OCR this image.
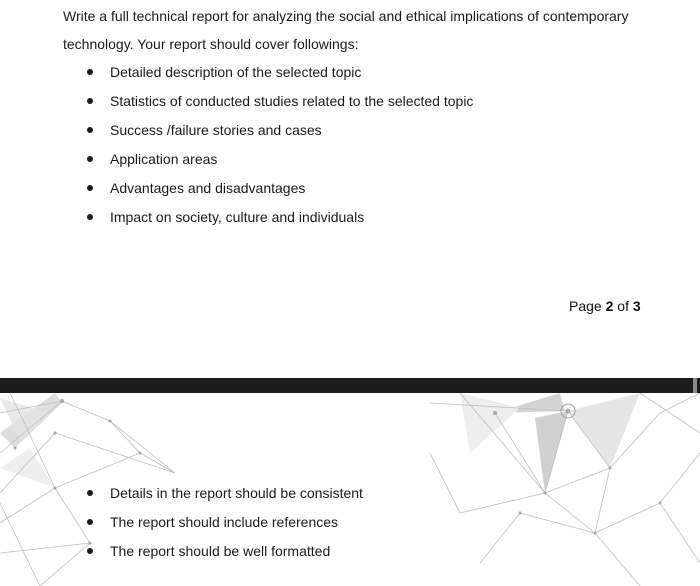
Write a full technical report for analyzing the social and ethical implications of contemporary
technology. Your report should cover followings:

Detailed description of the selected topic
Statistics of conducted studies related to the selected topic
Success /failure stories and cases
Application areas
Advantages and disadvantages
Impact on society, culture and individuals
Page 2 of 3
Details in the report should be consistent
The report should include references
The report should be well formatted
